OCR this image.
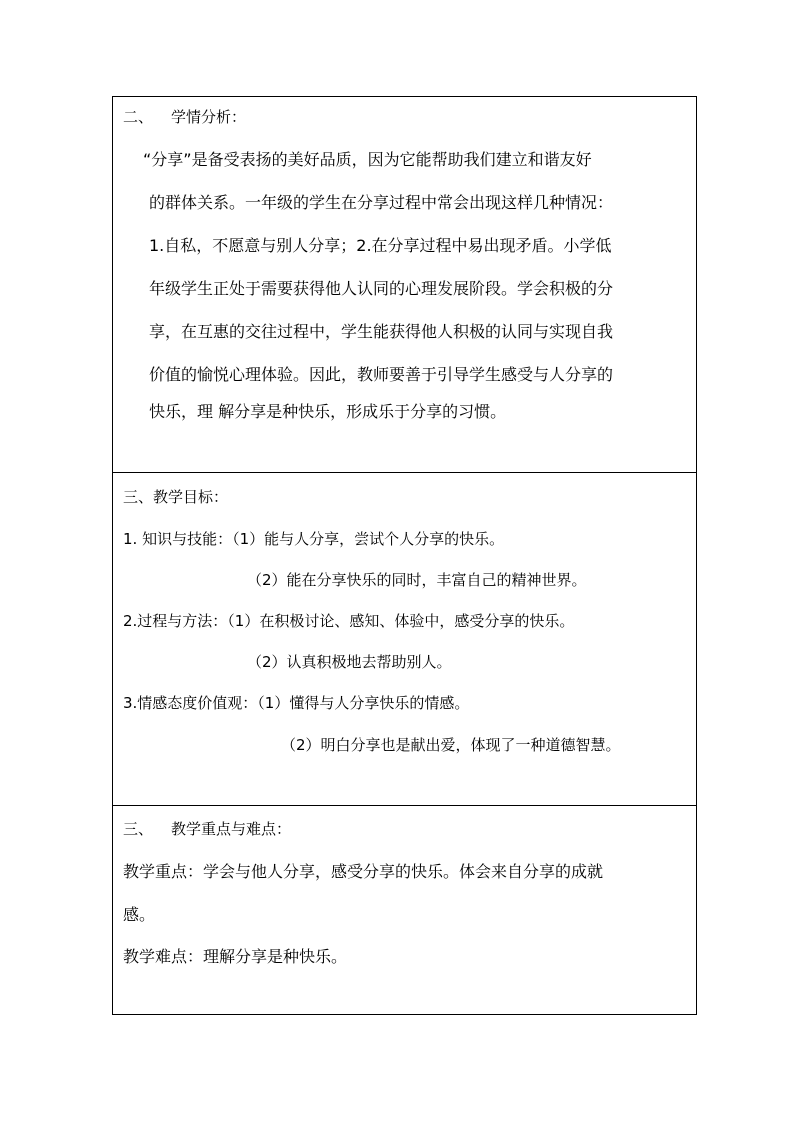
二、 学情分析：
“分享”是备受表扬的美好品质，因为它能帮助我们建立和谐友好
的群体关系。一年级的学生在分享过程中常会出现这样几种情况：
1.自私，不愿意与别人分享；2.在分享过程中易出现矛盾。小学低
年级学生正处于需要获得他人认同的心理发展阶段。学会积极的分
享，在互惠的交往过程中，学生能获得他人积极的认同与实现自我
价值的愉悦心理体验。因此，教师要善于引导学生感受与人分享的
快乐，理 解分享是种快乐，形成乐于分享的习惯。
三、教学目标：
1. 知识与技能：（1）能与人分享，尝试个人分享的快乐。
（2）能在分享快乐的同时，丰富自己的精神世界。
2.过程与方法：（1）在积极讨论、感知、体验中，感受分享的快乐。
（2）认真积极地去帮助别人。
3.情感态度价值观：（1）懂得与人分享快乐的情感。
（2）明白分享也是献出爱，体现了一种道德智慧。
三、 教学重点与难点：
教学重点：学会与他人分享，感受分享的快乐。体会来自分享的成就
感。
教学难点：理解分享是种快乐。
